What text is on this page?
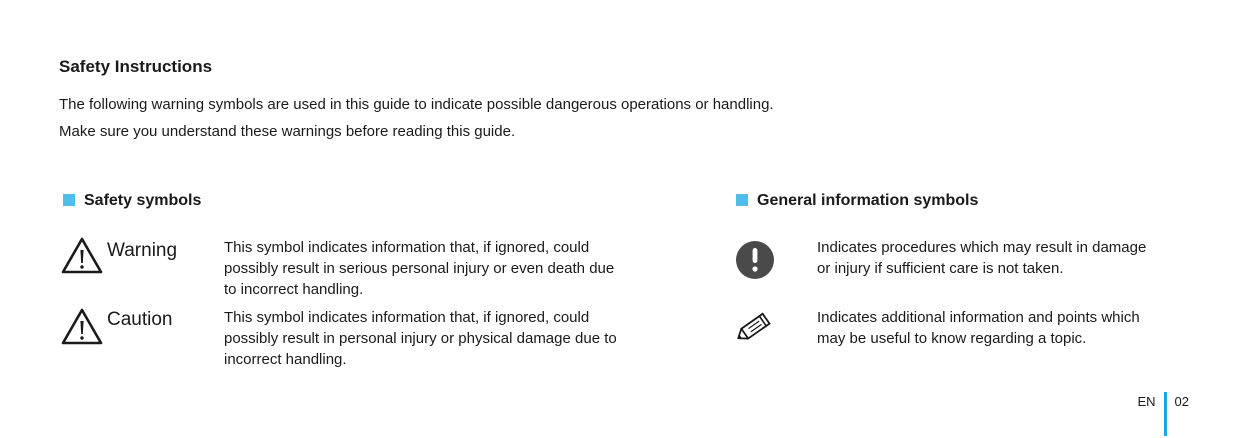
Safety Instructions
The following warning symbols are used in this guide to indicate possible dangerous operations or handling.
Make sure you understand these warnings before reading this guide.
Safety symbols
Warning	This symbol indicates information that, if ignored, could
possibly result in serious personal injury or even death due
to incorrect handling.
Caution	This symbol indicates information that, if ignored, could
possibly result in personal injury or physical damage due to
incorrect handling.
General information symbols
Indicates procedures which may result in damage
or injury if sufficient care is not taken.
Indicates additional information and points which
may be useful to know regarding a topic.
EN 02
